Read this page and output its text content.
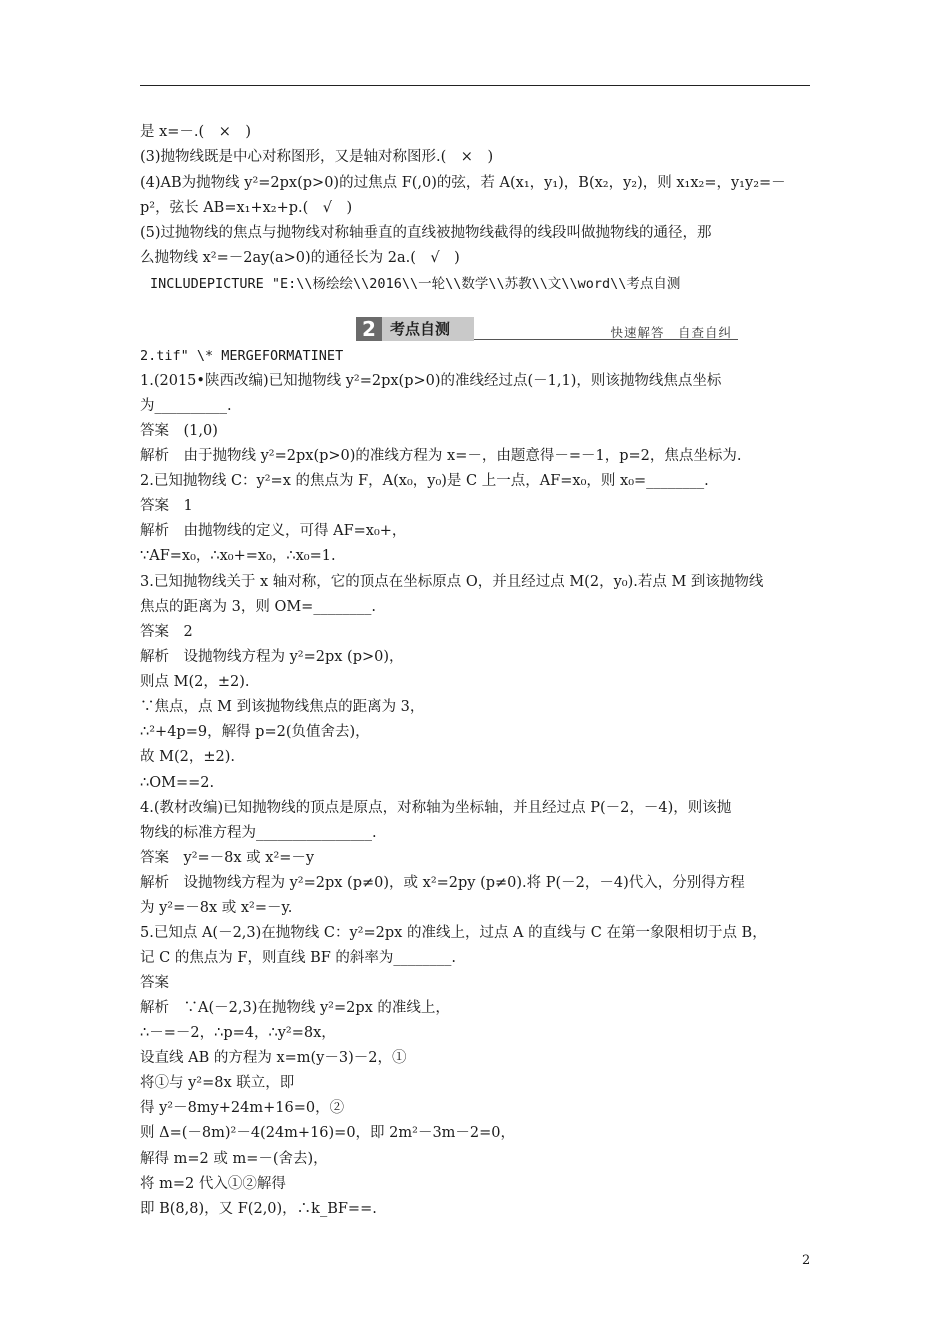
是 x=－.(　×　)
(3)抛物线既是中心对称图形，又是轴对称图形.(　×　)
(4)AB为抛物线 y²=2px(p>0)的过焦点 F(,0)的弦，若 A(x₁，y₁)，B(x₂，y₂)，则 x₁x₂=，y₁y₂=－
p²，弦长 AB=x₁+x₂+p.(　√　)
(5)过抛物线的焦点与抛物线对称轴垂直的直线被抛物线截得的线段叫做抛物线的通径，那
么抛物线 x²=－2ay(a>0)的通径长为 2a.(　√　)
INCLUDEPICTURE "E:\\杨绘绘\\2016\\一轮\\数学\\苏教\\文\\word\\考点自测
2 考点自测	快速解答　自查自纠
2.tif" \* MERGEFORMATINET
1.(2015•陕西改编)已知抛物线 y²=2px(p>0)的准线经过点(－1,1)，则该抛物线焦点坐标
为__________.
答案　(1,0)
解析　由于抛物线 y²=2px(p>0)的准线方程为 x=－，由题意得－=－1，p=2，焦点坐标为.
2.已知抛物线 C：y²=x 的焦点为 F，A(x₀，y₀)是 C 上一点，AF=x₀，则 x₀=________.
答案　1
解析　由抛物线的定义，可得 AF=x₀+，
∵AF=x₀，∴x₀+=x₀，∴x₀=1.
3.已知抛物线关于 x 轴对称，它的顶点在坐标原点 O，并且经过点 M(2，y₀).若点 M 到该抛物线
焦点的距离为 3，则 OM=________.
答案　2
解析　设抛物线方程为 y²=2px (p>0)，
则点 M(2，±2).
∵焦点，点 M 到该抛物线焦点的距离为 3，
∴²+4p=9，解得 p=2(负值舍去)，
故 M(2，±2).
∴OM==2.
4.(教材改编)已知抛物线的顶点是原点，对称轴为坐标轴，并且经过点 P(－2，－4)，则该抛
物线的标准方程为________________.
答案　y²=－8x 或 x²=－y
解析　设抛物线方程为 y²=2px (p≠0)，或 x²=2py (p≠0).将 P(－2，－4)代入，分别得方程
为 y²=－8x 或 x²=－y.
5.已知点 A(－2,3)在抛物线 C：y²=2px 的准线上，过点 A 的直线与 C 在第一象限相切于点 B，
记 C 的焦点为 F，则直线 BF 的斜率为________.
答案
解析　∵A(－2,3)在抛物线 y²=2px 的准线上，
∴－=－2，∴p=4，∴y²=8x，
设直线 AB 的方程为 x=m(y－3)－2，①
将①与 y²=8x 联立，即
得 y²－8my+24m+16=0，②
则 Δ=(－8m)²－4(24m+16)=0，即 2m²－3m－2=0，
解得 m=2 或 m=－(舍去)，
将 m=2 代入①②解得
即 B(8,8)，又 F(2,0)，∴k_BF==.
2
